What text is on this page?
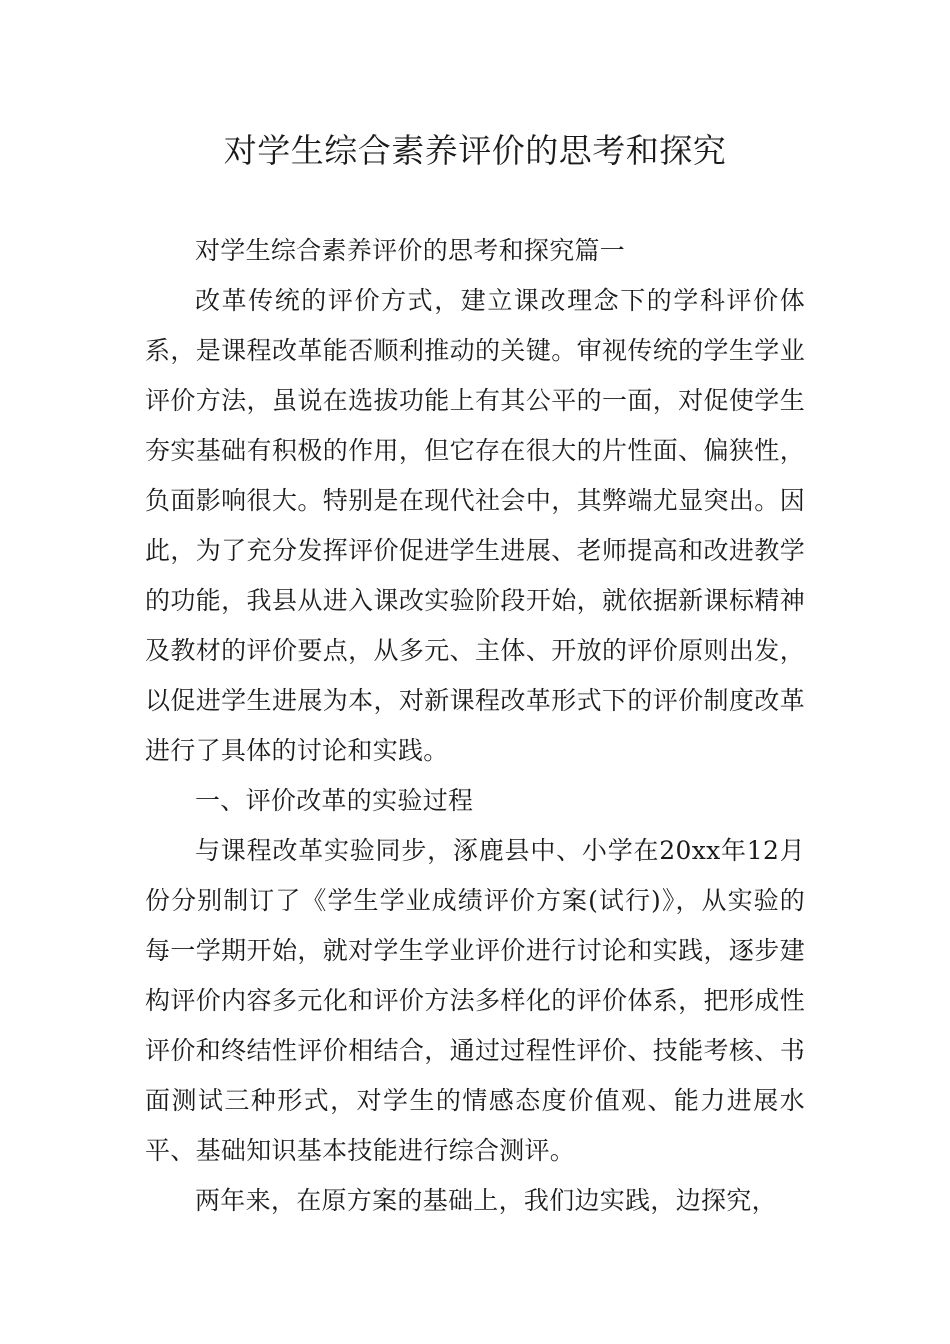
对学生综合素养评价的思考和探究

对学生综合素养评价的思考和探究篇一

改革传统的评价方式，建立课改理念下的学科评价体系，是课程改革能否顺利推动的关键。审视传统的学生学业评价方法，虽说在选拔功能上有其公平的一面，对促使学生夯实基础有积极的作用，但它存在很大的片性面、偏狭性，负面影响很大。特别是在现代社会中，其弊端尤显突出。因此，为了充分发挥评价促进学生进展、老师提高和改进教学的功能，我县从进入课改实验阶段开始，就依据新课标精神及教材的评价要点，从多元、主体、开放的评价原则出发，以促进学生进展为本，对新课程改革形式下的评价制度改革进行了具体的讨论和实践。

一、评价改革的实验过程

与课程改革实验同步，涿鹿县中、小学在20xx年12月份分别制订了《学生学业成绩评价方案(试行)》，从实验的每一学期开始，就对学生学业评价进行讨论和实践，逐步建构评价内容多元化和评价方法多样化的评价体系，把形成性评价和终结性评价相结合，通过过程性评价、技能考核、书面测试三种形式，对学生的情感态度价值观、能力进展水平、基础知识基本技能进行综合测评。

两年来，在原方案的基础上，我们边实践，边探究，
